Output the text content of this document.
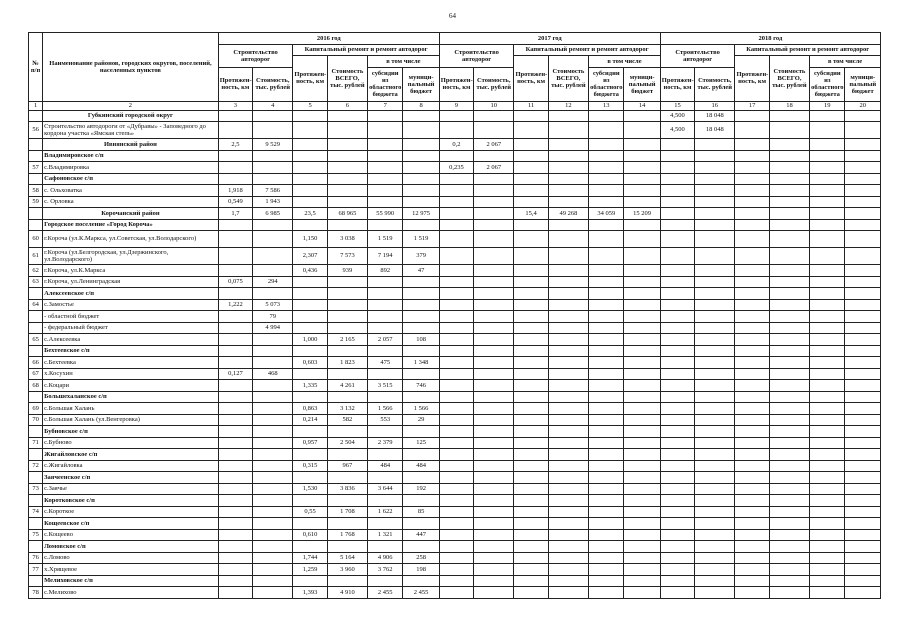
64
№ п/п	Наименование районов, городских округов, поселений, населенных пунктов	2016 год						2017 год						2018 год					
		Строительство автодорог		Капитальный ремонт и ремонт автодорог				Строительство автодорог		Капитальный ремонт и ремонт автодорог				Строительство автодорог		Капитальный ремонт и ремонт автодорог			
				Протяжен-ность, км	Стоимость ВСЕГО, тыс. рублей	в том числе				Протяжен-ность, км	Стоимость ВСЕГО, тыс. рублей	в том числе				Протяжен-ность, км	Стоимость ВСЕГО, тыс. рублей	в том числе	
		Протяжен-ность, км	Стоимость, тыс. рублей			субсидии из областного бюджета	муници-пальный бюджет	Протяжен-ность, км	Стоимость, тыс. рублей			субсидии из областного бюджета	муници-пальный бюджет	Протяжен-ность, км	Стоимость, тыс. рублей			субсидии из областного бюджета	муници-пальный бюджет
1	2	3	4	5	6	7	8	9	10	11	12	13	14	15	16	17	18	19	20
	Губкинский городской округ													4,500	18 048				
56	Строительство автодороги от «Дубравы» - Заповедного до кордона участка «Ямская степь»													4,500	18 048				
	Ивнянский район	2,5	9 529					0,2	2 067										
	Владимировское с/п																		
57	с.Владимировка							0,235	2 067										
	Сафоновское с/п																		
58	с. Ольховатка	1,918	7 586																
59	с. Орловка	0,549	1 943																
	Корочанский район	1,7	6 985	23,5	68 965	55 990	12 975			15,4	49 268	34 059	15 209						
	Городское поселение «Город Короча»																		
60	г.Короча (ул.К.Маркса, ул.Советская, ул.Володарского)			1,150	3 038	1 519	1 519												
61	г.Короча (ул.Белгородская, ул.Дзержинского, ул.Володарского)			2,307	7 573	7 194	379												
62	г.Короча, ул.К.Маркса			0,436	939	892	47												
63	г.Короча, ул.Ленинградская	0,075	294																
	Алексеевское с/п																		
64	с.Замостье	1,222	5 073																
	- областной бюджет		79																
	- федеральный бюджет		4 994																
65	с.Алексеевка			1,000	2 165	2 057	108												
	Бехтеевское с/п																		
66	с.Бехтеевка			0,603	1 823	475	1 348												
67	х.Косухин	0,127	468																
68	с.Коцари			1,335	4 261	3 515	746												
	Большехаланское с/п																		
69	с.Большая Халань			0,863	3 132	1 566	1 566												
70	с.Большая Халань (ул.Венгеровка)			0,214	582	553	29												
	Бубновское с/п																		
71	с.Бубново			0,957	2 504	2 379	125												
	Жигайловское с/п																		
72	с.Жигайловка			0,315	967	484	484												
	Заячеенское с/п																		
73	с.Заячье			1,530	3 836	3 644	192												
	Коротковское с/п																		
74	с.Короткое			0,55	1 708	1 622	85												
	Кощеевское с/п																		
75	с.Кощеево			0,610	1 768	1 321	447												
	Ломовское с/п																		
76	с.Ломово			1,744	5 164	4 906	258												
77	х.Хрящевое			1,259	3 960	3 762	198												
	Мелиховское с/п																		
78	с.Мелихово			1,393	4 910	2 455	2 455												
